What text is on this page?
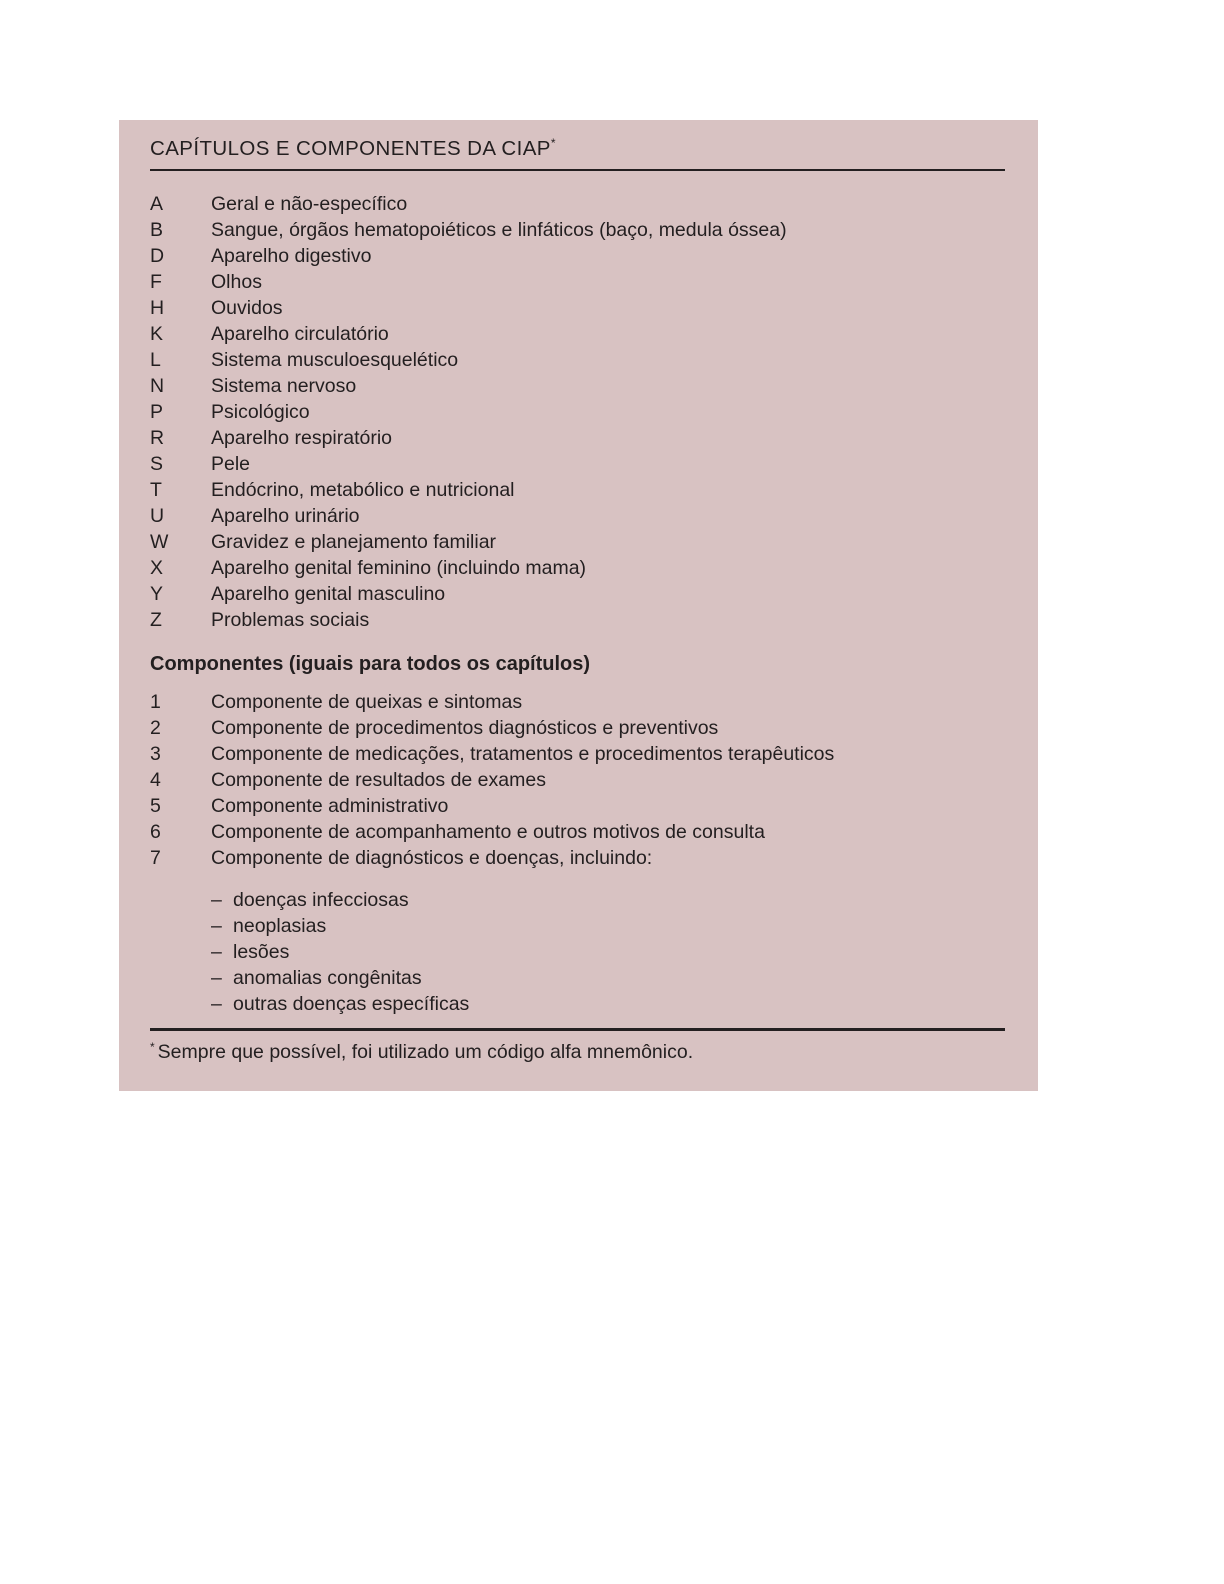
CAPÍTULOS E COMPONENTES DA CIAP*
A	Geral e não-específico
B	Sangue, órgãos hematopoiéticos e linfáticos (baço, medula óssea)
D	Aparelho digestivo
F	Olhos
H	Ouvidos
K	Aparelho circulatório
L	Sistema musculoesquelético
N	Sistema nervoso
P	Psicológico
R	Aparelho respiratório
S	Pele
T	Endócrino, metabólico e nutricional
U	Aparelho urinário
W	Gravidez e planejamento familiar
X	Aparelho genital feminino (incluindo mama)
Y	Aparelho genital masculino
Z	Problemas sociais
Componentes (iguais para todos os capítulos)
1	Componente de queixas e sintomas
2	Componente de procedimentos diagnósticos e preventivos
3	Componente de medicações, tratamentos e procedimentos terapêuticos
4	Componente de resultados de exames
5	Componente administrativo
6	Componente de acompanhamento e outros motivos de consulta
7	Componente de diagnósticos e doenças, incluindo:
– doenças infecciosas
– neoplasias
– lesões
– anomalias congênitas
– outras doenças específicas
* Sempre que possível, foi utilizado um código alfa mnemônico.
